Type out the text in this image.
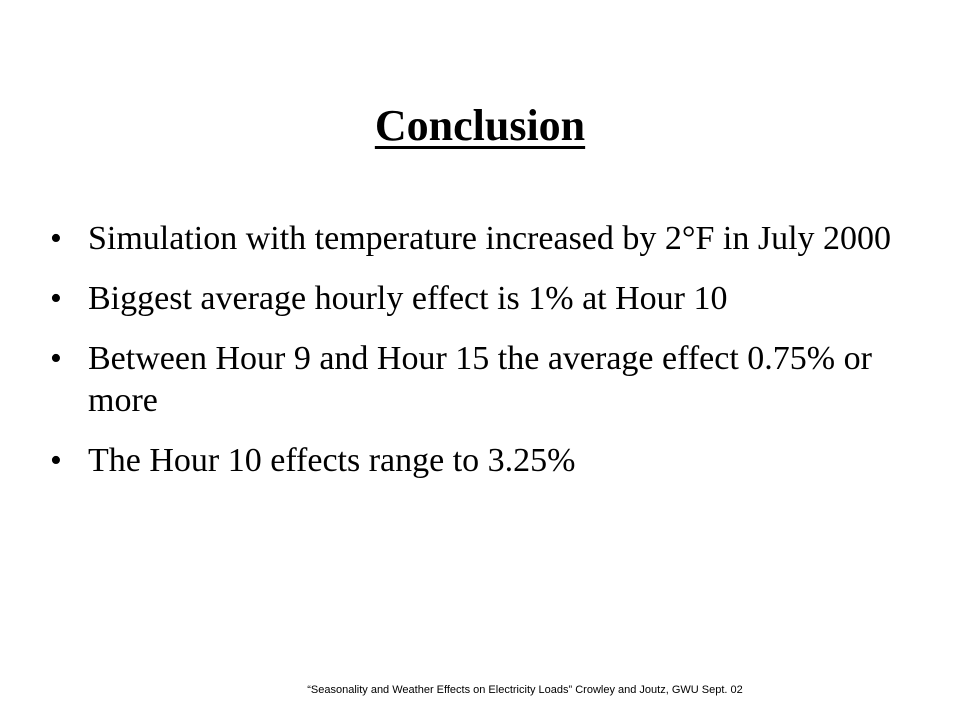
Conclusion
• Simulation with temperature increased by 2°F in July 2000
• Biggest average hourly effect is 1% at Hour 10
• Between Hour 9 and Hour 15 the average effect 0.75% or more
• The Hour 10 effects range to 3.25%
“Seasonality and Weather Effects on Electricity Loads” Crowley and Joutz, GWU Sept. 02
